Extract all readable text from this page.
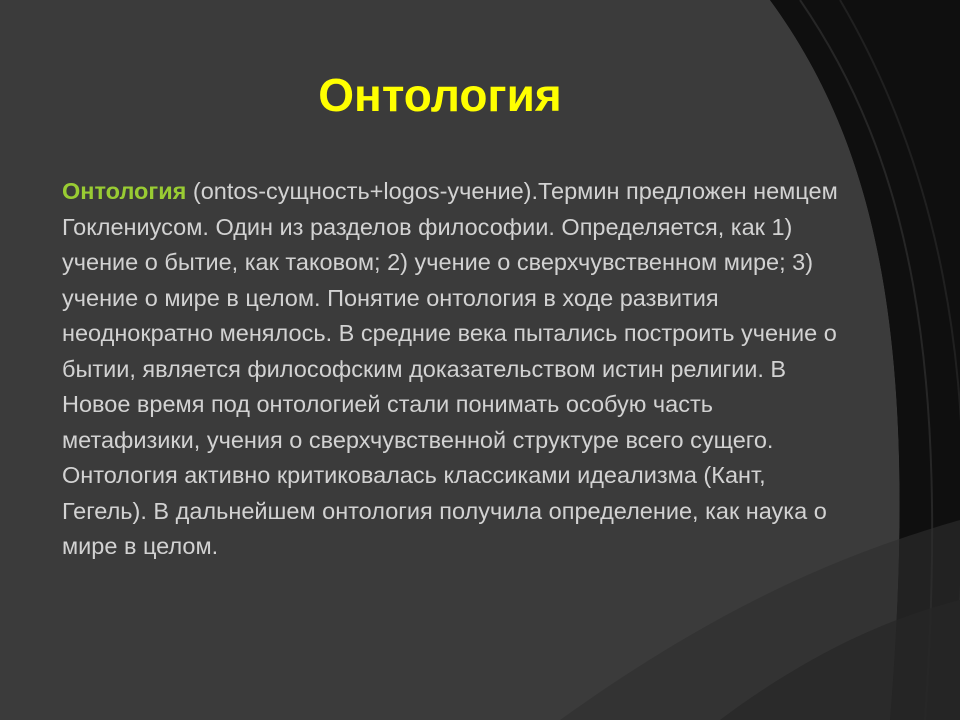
Онтология

Онтология (ontos-сущность+logos-учение).Термин предложен немцем Гоклениусом. Один из разделов философии. Определяется, как 1) учение о бытие, как таковом; 2) учение о сверхчувственном мире; 3) учение о мире в целом. Понятие онтология в ходе развития неоднократно менялось. В средние века пытались построить учение о бытии, является философским доказательством истин религии. В Новое время под онтологией стали понимать особую часть метафизики, учения о сверхчувственной структуре всего сущего. Онтология активно критиковалась классиками идеализма (Кант, Гегель). В дальнейшем онтология получила определение, как наука о мире в целом.
